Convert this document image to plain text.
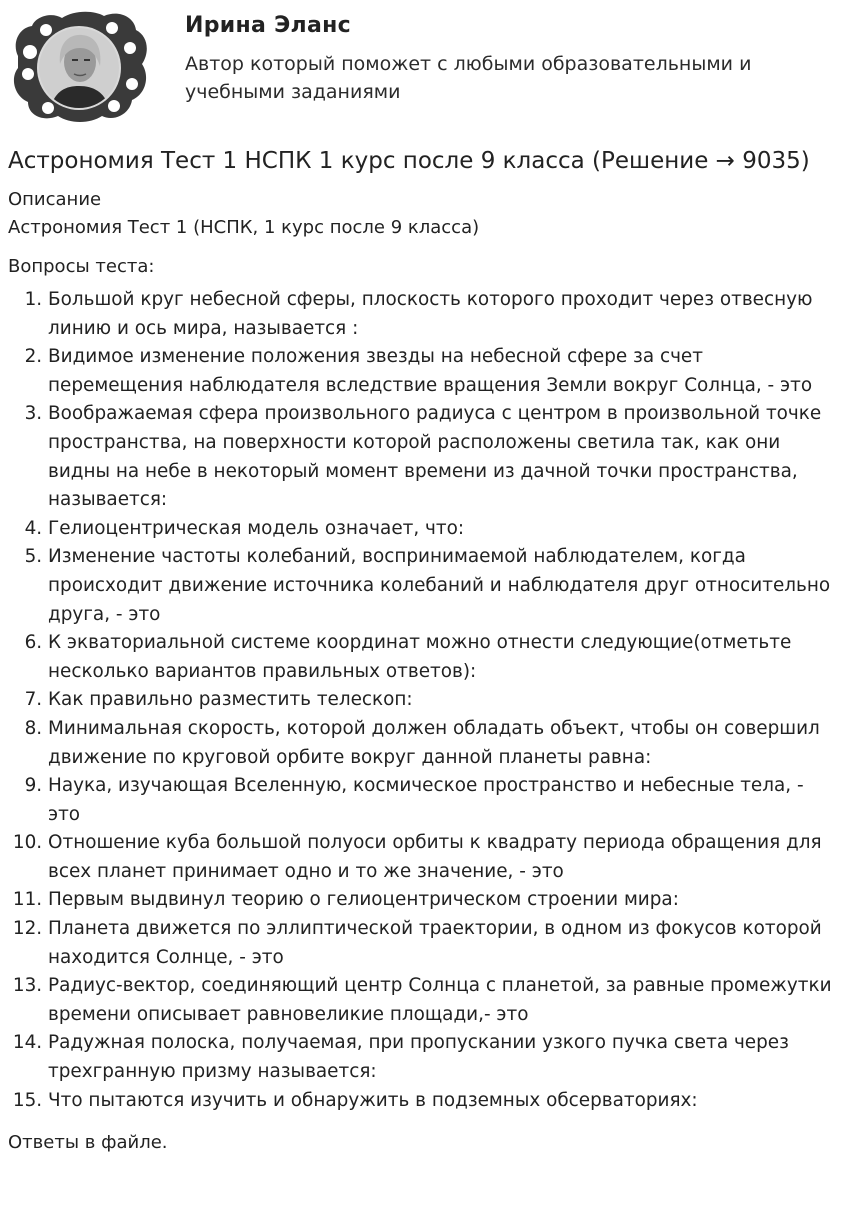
Ирина Эланс
Автор который поможет с любыми образовательными и учебными заданиями
Астрономия Тест 1 НСПК 1 курс после 9 класса (Решение → 9035)
Описание
Астрономия Тест 1 (НСПК, 1 курс после 9 класса)
Вопросы теста:
1. Большой круг небесной сферы, плоскость которого проходит через отвесную линию и ось мира, называется :
2. Видимое изменение положения звезды на небесной сфере за счет перемещения наблюдателя вследствие вращения Земли вокруг Солнца, - это
3. Воображаемая сфера произвольного радиуса с центром в произвольной точке пространства, на поверхности которой расположены светила так, как они видны на небе в некоторый момент времени из дачной точки пространства, называется:
4. Гелиоцентрическая модель означает, что:
5. Изменение частоты колебаний, воспринимаемой наблюдателем, когда происходит движение источника колебаний и наблюдателя друг относительно друга, - это
6. К экваториальной системе координат можно отнести следующие(отметьте несколько вариантов правильных ответов):
7. Как правильно разместить телескоп:
8. Минимальная скорость, которой должен обладать объект, чтобы он совершил движение по круговой орбите вокруг данной планеты равна:
9. Наука, изучающая Вселенную, космическое пространство и небесные тела, - это
10. Отношение куба большой полуоси орбиты к квадрату периода обращения для всех планет принимает одно и то же значение, - это
11. Первым выдвинул теорию о гелиоцентрическом строении мира:
12. Планета движется по эллиптической траектории, в одном из фокусов которой находится Солнце, - это
13. Радиус-вектор, соединяющий центр Солнца с планетой, за равные промежутки времени описывает равновеликие площади,- это
14. Радужная полоска, получаемая, при пропускании узкого пучка света через трехгранную призму называется:
15. Что пытаются изучить и обнаружить в подземных обсерваториях:
Ответы в файле.
